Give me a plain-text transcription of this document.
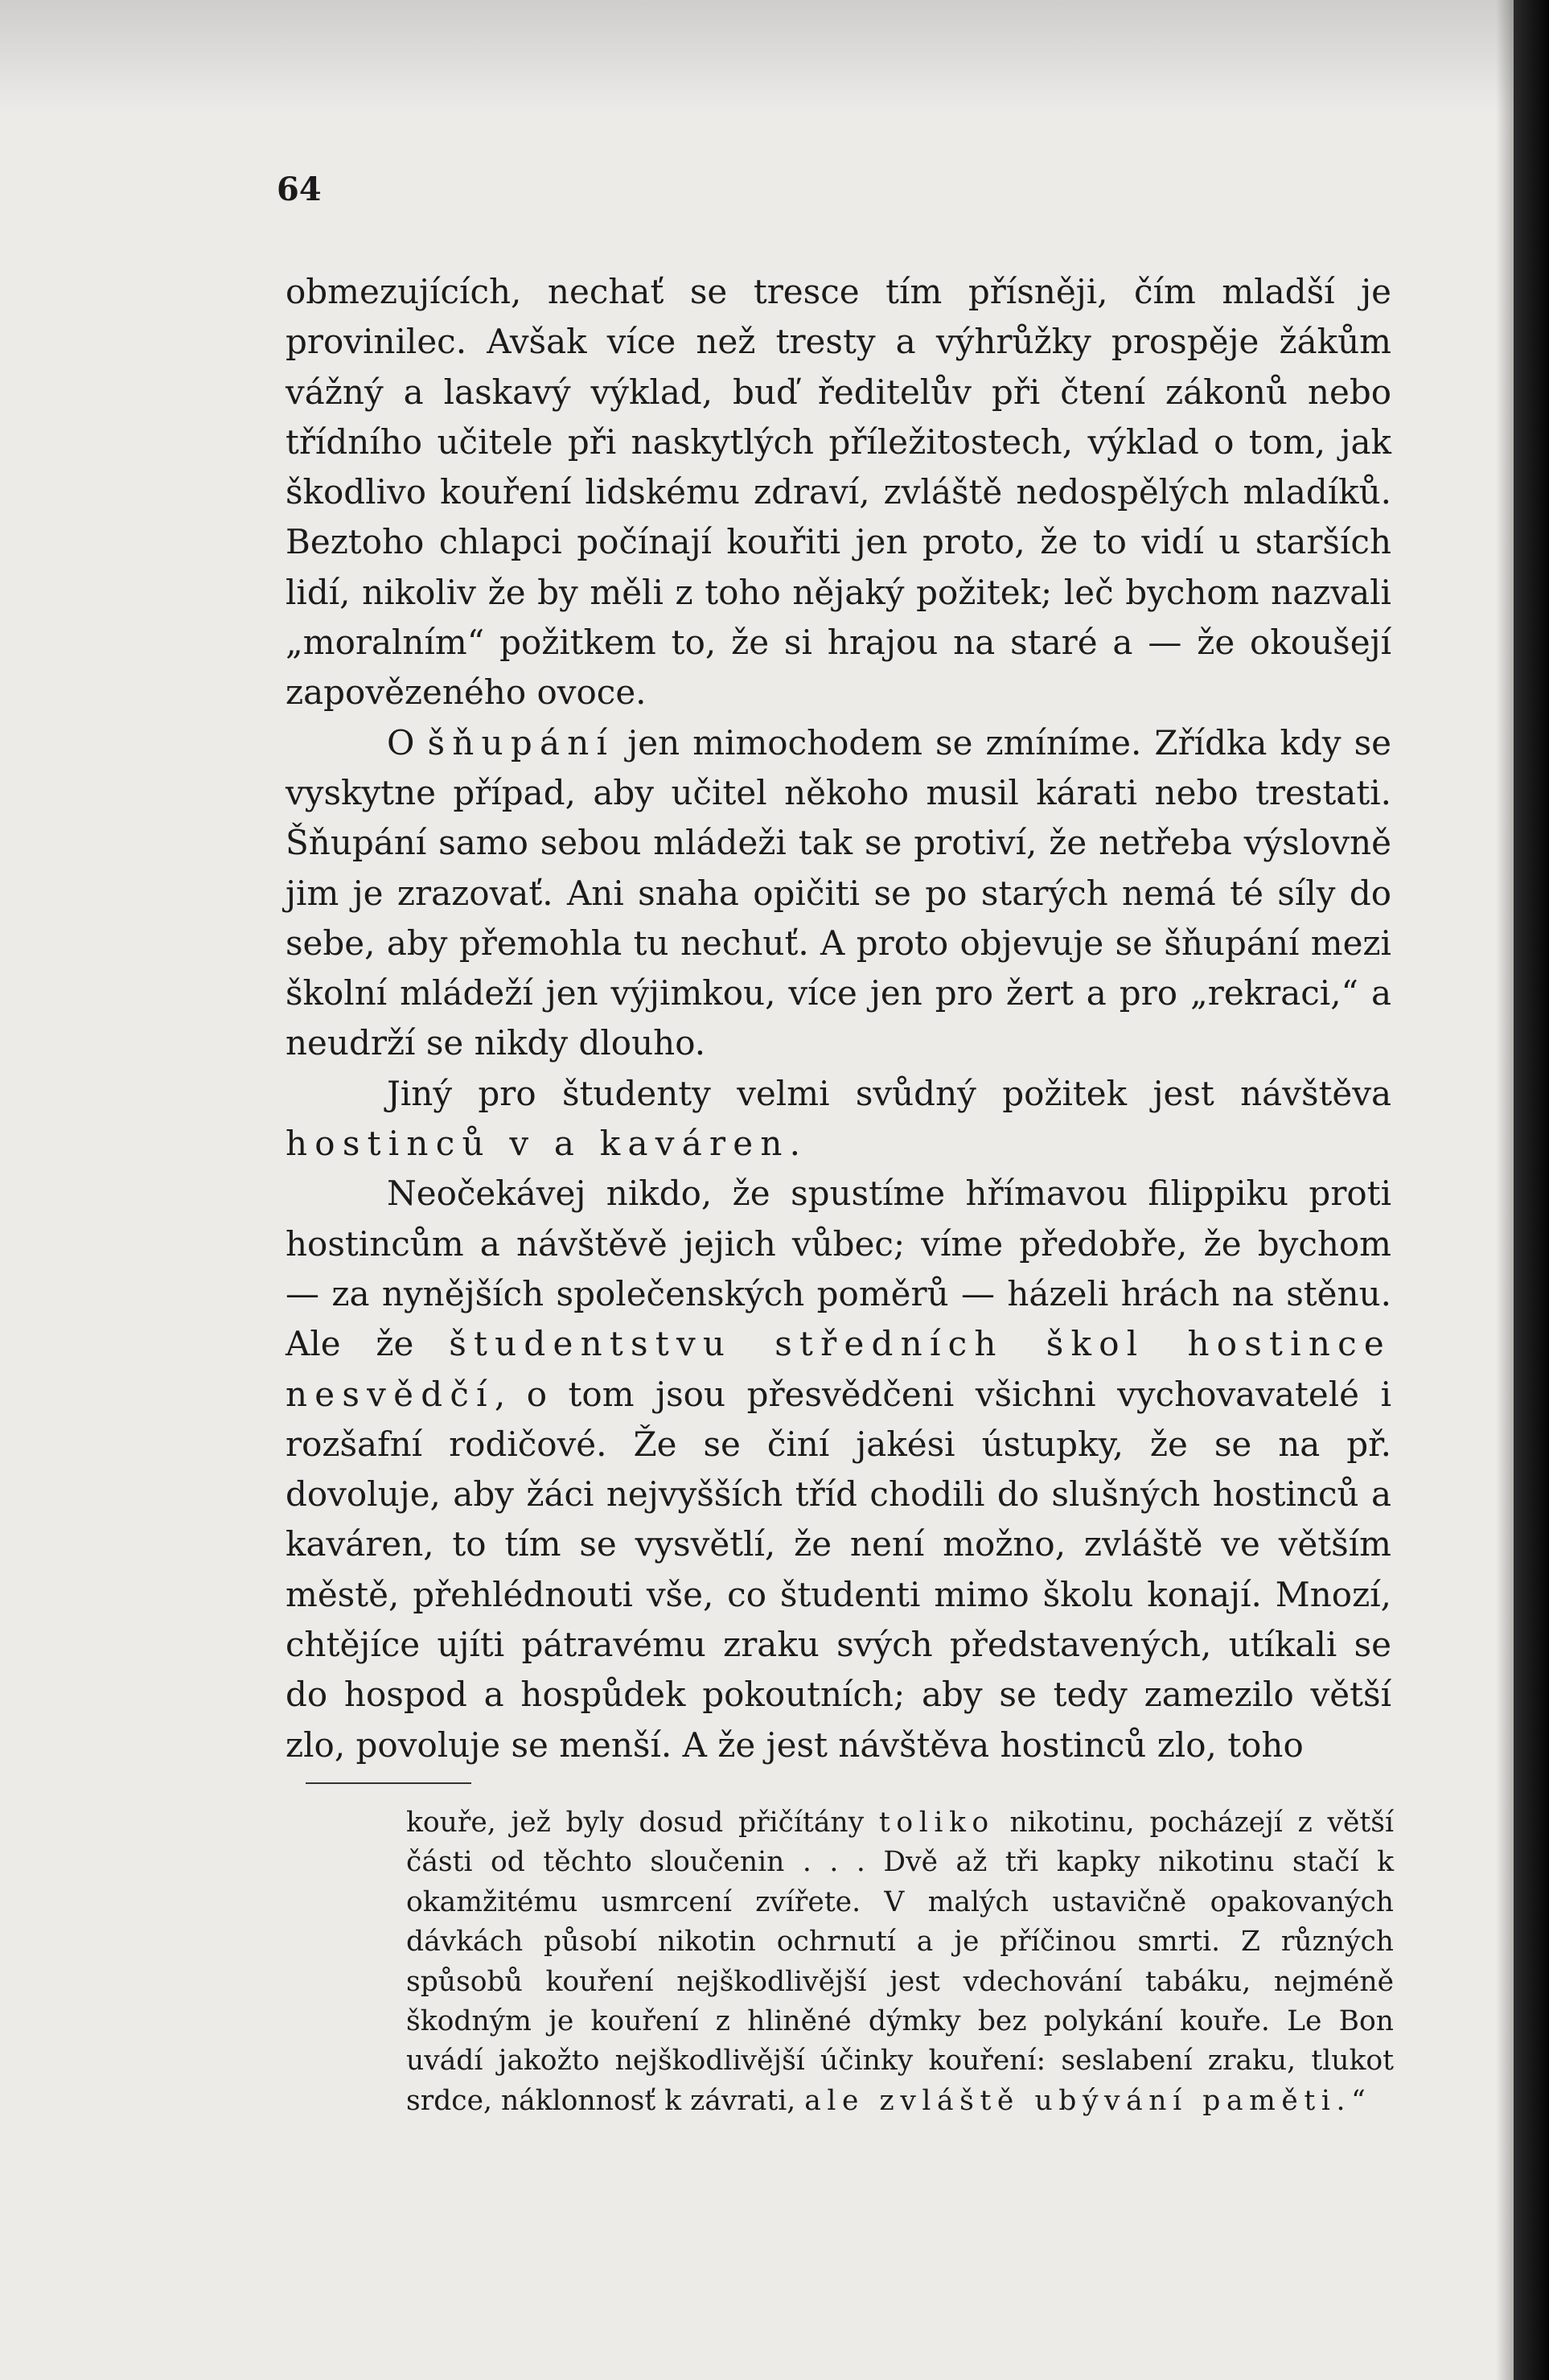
64

obmezujících, nechať se tresce tím přísněji, čím mladší je provinilec. Avšak více než tresty a výhrůžky prospěje žákům vážný a laskavý výklad, buď ředitelův při čtení zákonů nebo třídního učitele při naskytlých příležitostech, výklad o tom, jak škodlivo kouření lidskému zdraví, zvláště nedospělých mladíků. Beztoho chlapci počínají kouřiti jen proto, že to vidí u starších lidí, nikoliv že by měli z toho nějaký požitek; leč bychom nazvali „moralním“ požitkem to, že si hrajou na staré a — že okoušejí zapovězeného ovoce.

O šňupání jen mimochodem se zmíníme. Zřídka kdy se vyskytne případ, aby učitel někoho musil kárati nebo trestati. Šňupání samo sebou mládeži tak se protiví, že netřeba výslovně jim je zrazovať. Ani snaha opičiti se po starých nemá té síly do sebe, aby přemohla tu nechuť. A proto objevuje se šňupání mezi školní mládeží jen výjimkou, více jen pro žert a pro „rekraci,“ a neudrží se nikdy dlouho.

Jiný pro študenty velmi svůdný požitek jest návštěva hostinců v a kaváren.

Neočekávej nikdo, že spustíme hřímavou filippiku proti hostincům a návštěvě jejich vůbec; víme předobře, že bychom — za nynějších společenských poměrů — házeli hrách na stěnu. Ale že študentstvu středních škol hostince nesvědčí, o tom jsou přesvědčeni všichni vychovavatelé i rozšafní rodičové. Že se činí jakési ústupky, že se na př. dovoluje, aby žáci nejvyšších tříd chodili do slušných hostinců a kaváren, to tím se vysvětlí, že není možno, zvláště ve větším městě, přehlédnouti vše, co študenti mimo školu konají. Mnozí, chtějíce ujíti pátravému zraku svých představených, utíkali se do hospod a hospůdek pokoutních; aby se tedy zamezilo větší zlo, povoluje se menší. A že jest návštěva hostinců zlo, toho

kouře, jež byly dosud přičítány toliko nikotinu, pocházejí z větší části od těchto sloučenin . . . Dvě až tři kapky nikotinu stačí k okamžitému usmrcení zvířete. V malých ustavičně opakovaných dávkách působí nikotin ochrnutí a je příčinou smrti. Z různých spůsobů kouření nejškodlivější jest vdechování tabáku, nejméně škodným je kouření z hliněné dýmky bez polykání kouře. Le Bon uvádí jakožto nejškodlivější účinky kouření: seslabení zraku, tlukot srdce, náklonnosť k závrati, ale zvláště ubývání paměti.“
